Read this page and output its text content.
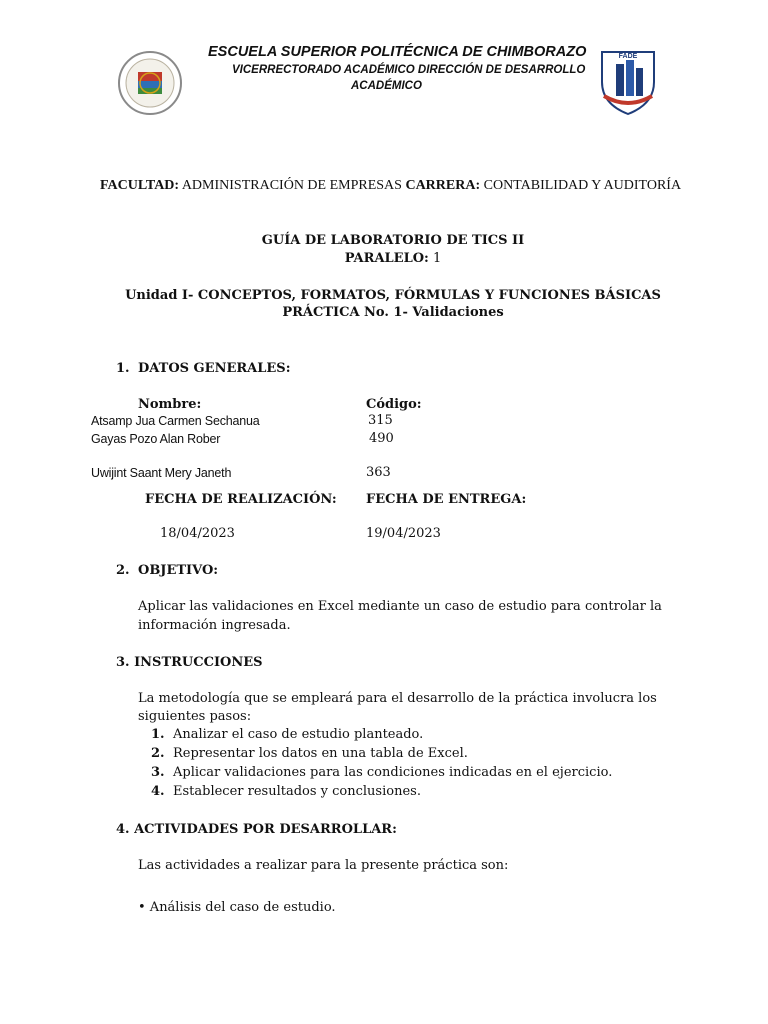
FADE
ESCUELA SUPERIOR POLITÉCNICA DE CHIMBORAZO
VICERRECTORADO ACADÉMICO DIRECCIÓN DE DESARROLLO
ACADÉMICO
FACULTAD: ADMINISTRACIÓN DE EMPRESAS CARRERA: CONTABILIDAD Y AUDITORÍA
GUÍA DE LABORATORIO DE TICS II
PARALELO: 1
Unidad I- CONCEPTOS, FORMATOS, FÓRMULAS Y FUNCIONES BÁSICAS
PRÁCTICA No. 1- Validaciones
1. DATOS GENERALES:
Nombre:	Código:
Atsamp Jua Carmen Sechanua	315
Gayas Pozo Alan Rober	490
Uwijint Saant Mery Janeth	363
FECHA DE REALIZACIÓN: FECHA DE ENTREGA:
18/04/2023	19/04/2023
2. OBJETIVO:
Aplicar las validaciones en Excel mediante un caso de estudio para controlar la
información ingresada.
3. INSTRUCCIONES
La metodología que se empleará para el desarrollo de la práctica involucra los
siguientes pasos:
1. Analizar el caso de estudio planteado.
2. Representar los datos en una tabla de Excel.
3. Aplicar validaciones para las condiciones indicadas en el ejercicio.
4. Establecer resultados y conclusiones.
4. ACTIVIDADES POR DESARROLLAR:
Las actividades a realizar para la presente práctica son:
• Análisis del caso de estudio.
